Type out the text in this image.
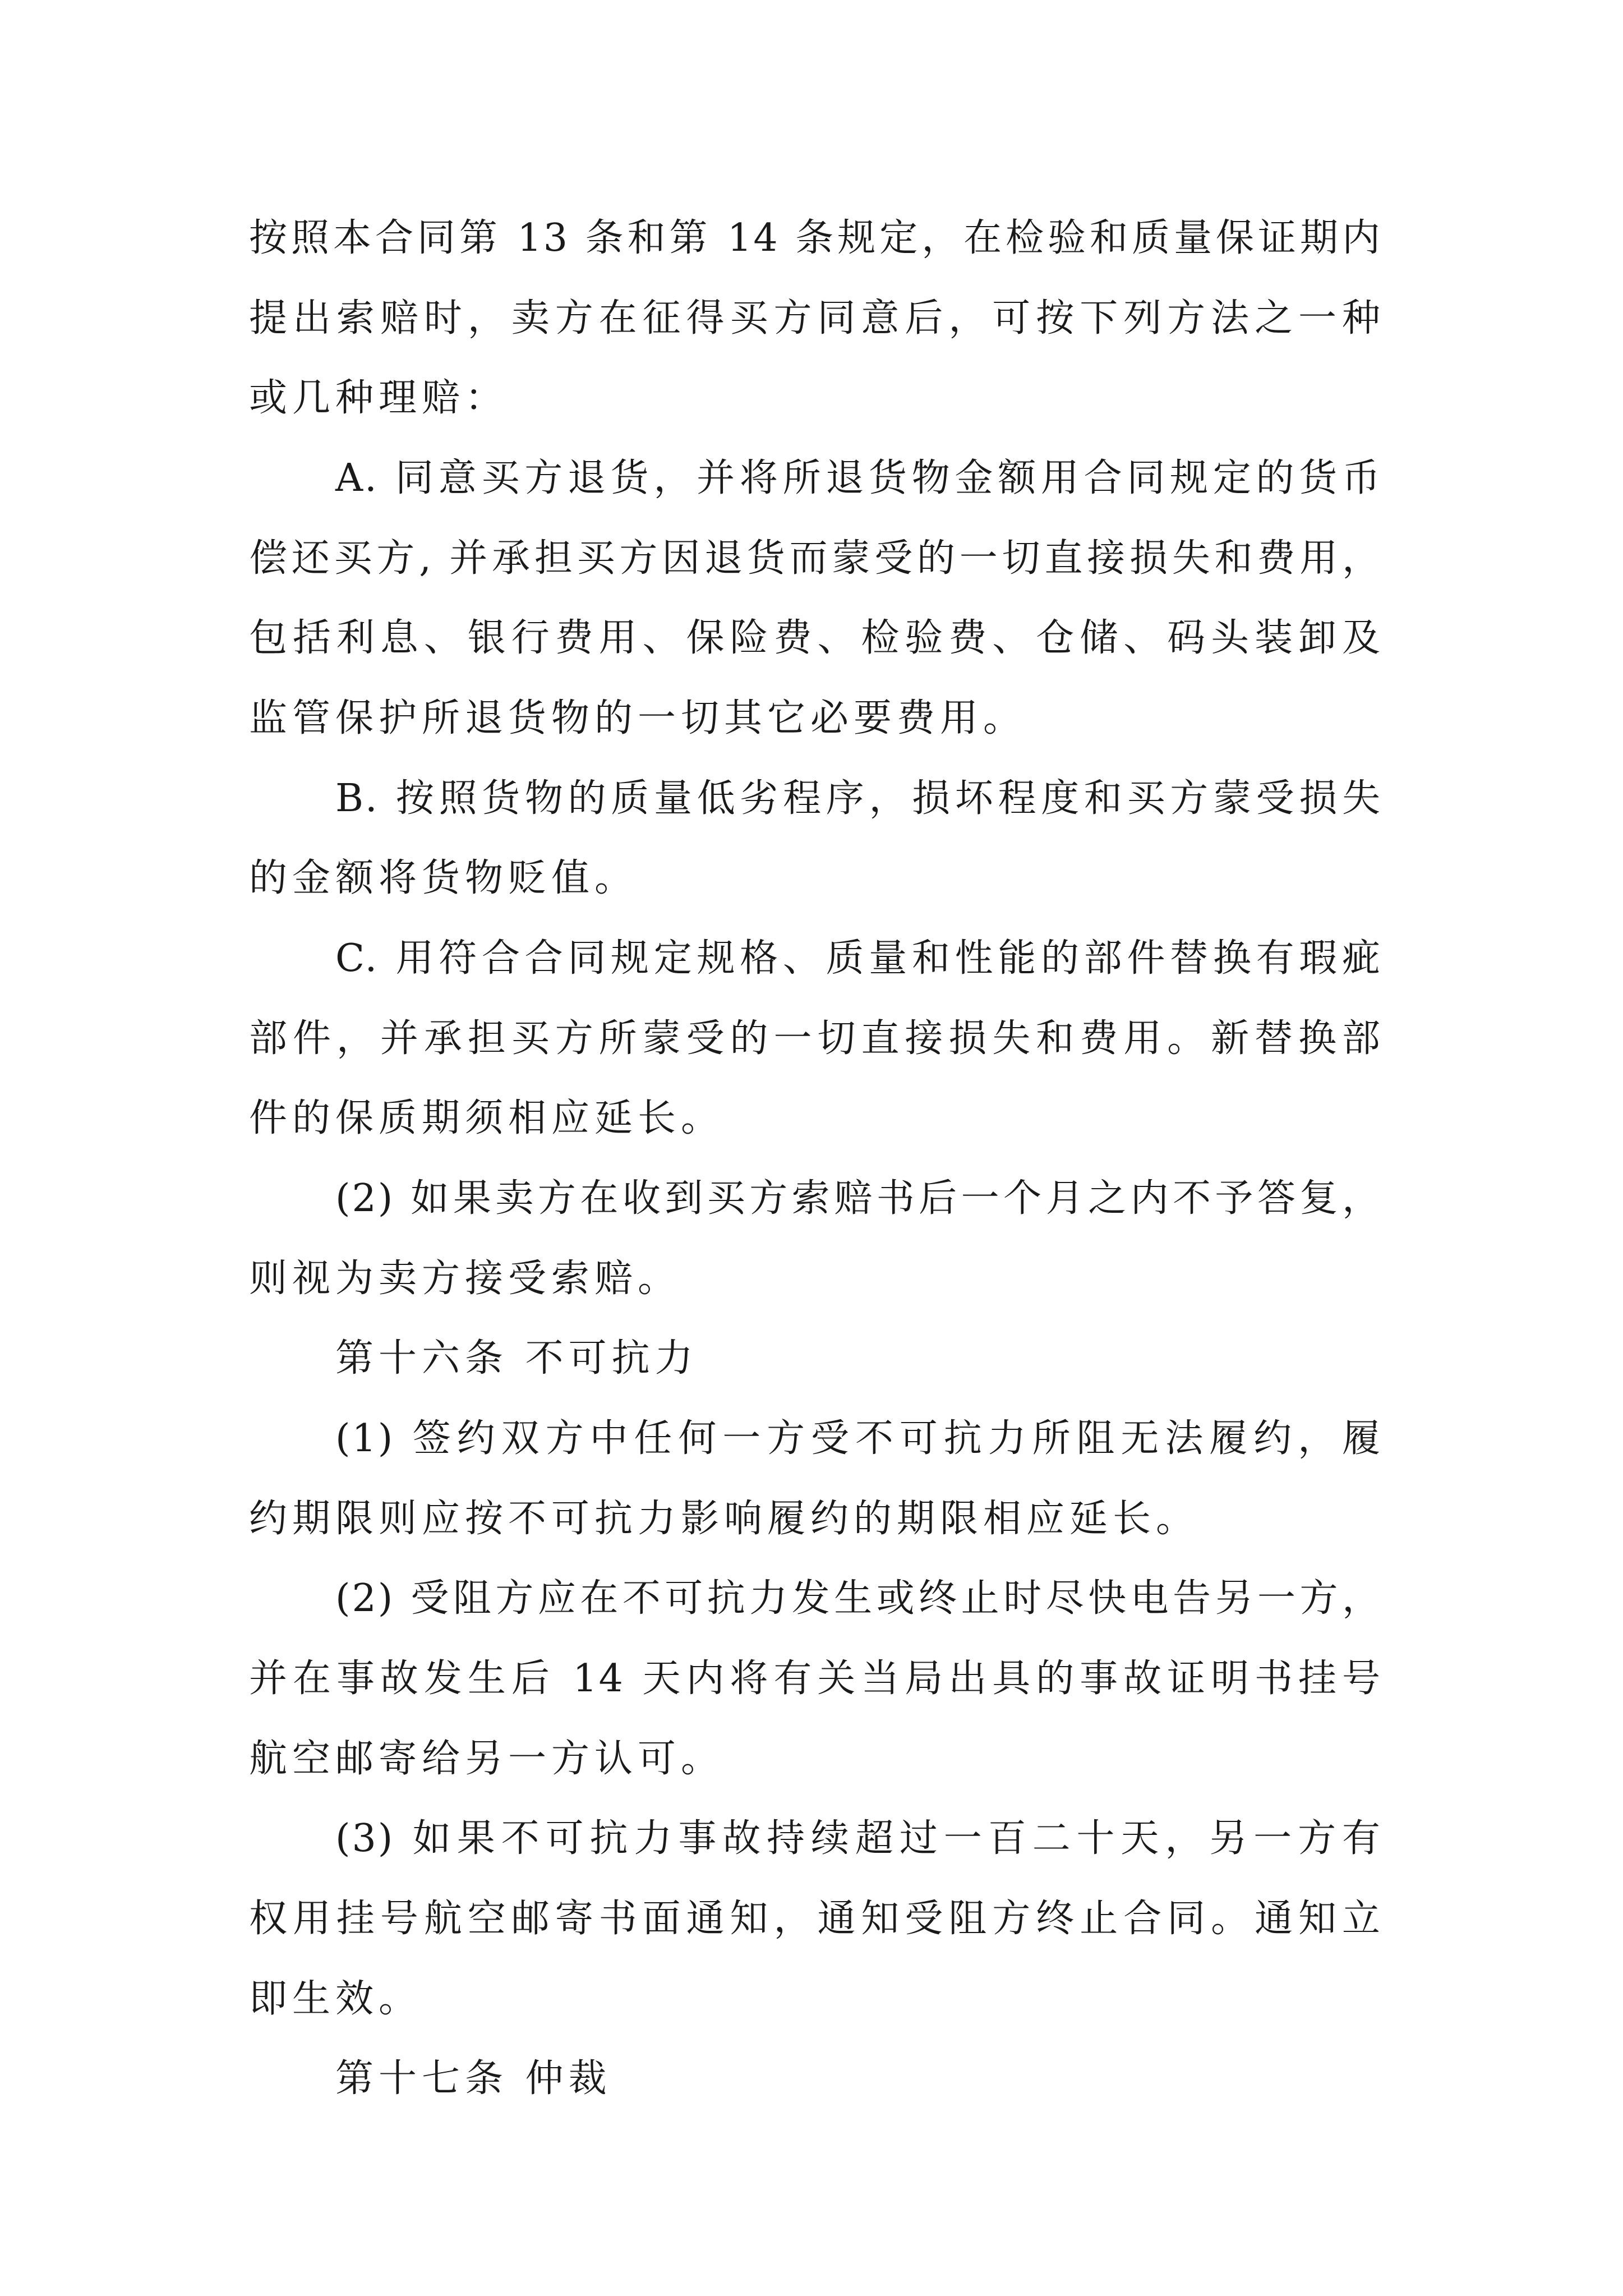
按照本合同第 13 条和第 14 条规定，在检验和质量保证期内
提出索赔时，卖方在征得买方同意后，可按下列方法之一种
或几种理赔：
A. 同意买方退货，并将所退货物金额用合同规定的货币
偿还买方, 并承担买方因退货而蒙受的一切直接损失和费用，
包括利息、银行费用、保险费、检验费、仓储、码头装卸及
监管保护所退货物的一切其它必要费用。
B. 按照货物的质量低劣程序，损坏程度和买方蒙受损失
的金额将货物贬值。
C. 用符合合同规定规格、质量和性能的部件替换有瑕疵
部件，并承担买方所蒙受的一切直接损失和费用。新替换部
件的保质期须相应延长。
(2) 如果卖方在收到买方索赔书后一个月之内不予答复，
则视为卖方接受索赔。
第十六条 不可抗力
(1) 签约双方中任何一方受不可抗力所阻无法履约，履
约期限则应按不可抗力影响履约的期限相应延长。
(2) 受阻方应在不可抗力发生或终止时尽快电告另一方，
并在事故发生后 14 天内将有关当局出具的事故证明书挂号
航空邮寄给另一方认可。
(3) 如果不可抗力事故持续超过一百二十天，另一方有
权用挂号航空邮寄书面通知，通知受阻方终止合同。通知立
即生效。
第十七条 仲裁
